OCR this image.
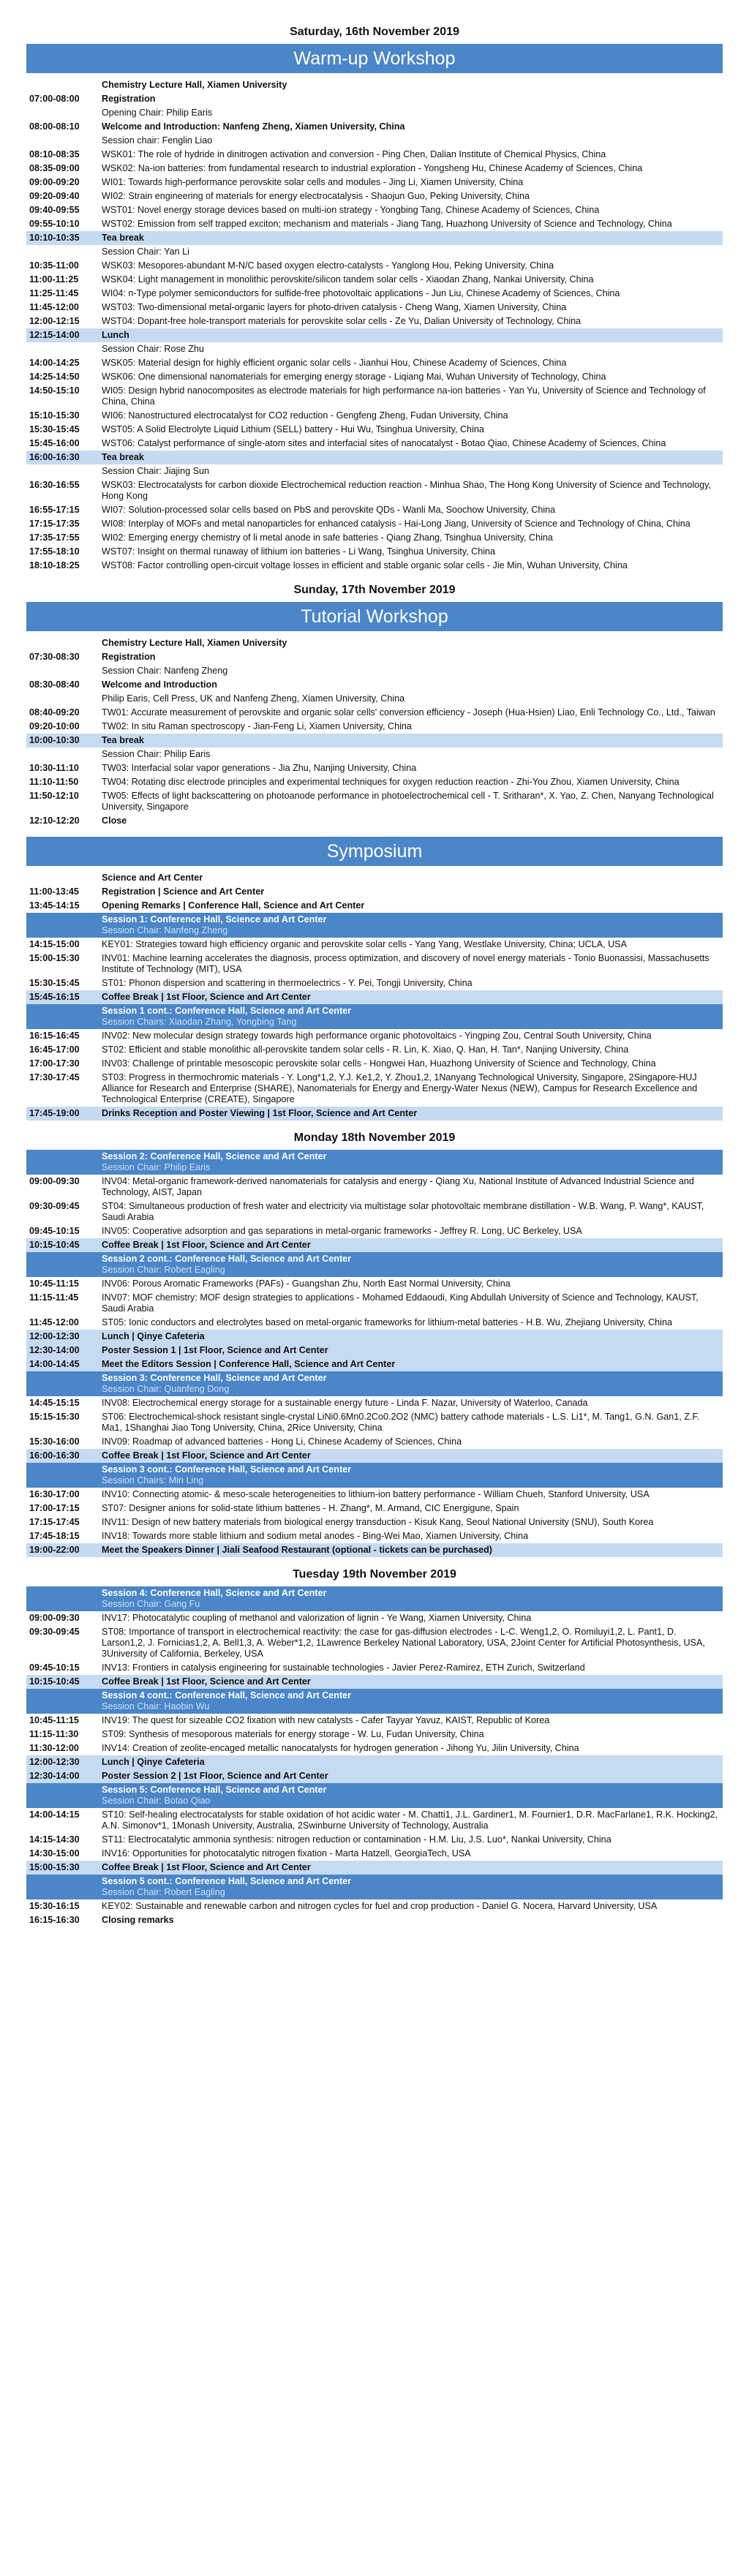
Saturday, 16th November 2019
Warm-up Workshop
Chemistry Lecture Hall, Xiamen University
07:00-08:00	Registration
Opening Chair: Philip Earis
08:00-08:10	Welcome and Introduction: Nanfeng Zheng, Xiamen University, China
Session chair: Fenglin Liao
08:10-08:35	WSK01: The role of hydride in dinitrogen activation and conversion - Ping Chen, Dalian Institute of Chemical Physics, China
08:35-09:00	WSK02: Na-ion batteries: from fundamental research to industrial exploration - Yongsheng Hu, Chinese Academy of Sciences, China
09:00-09:20	WI01: Towards high-performance perovskite solar cells and modules - Jing Li, Xiamen University, China
09:20-09:40	WI02: Strain engineering of materials for energy electrocatalysis - Shaojun Guo, Peking University, China
09:40-09:55	WST01: Novel energy storage devices based on multi-ion strategy - Yongbing Tang, Chinese Academy of Sciences, China
09:55-10:10	WST02: Emission from self trapped exciton; mechanism and materials - Jiang Tang, Huazhong University of Science and Technology, China
10:10-10:35	Tea break
Session Chair: Yan Li
10:35-11:00	WSK03: Mesopores-abundant M-N/C based oxygen electro-catalysts - Yanglong Hou, Peking University, China
11:00-11:25	WSK04: Light management in monolithic perovskite/silicon tandem solar cells - Xiaodan Zhang, Nankai University, China
11:25-11:45	WI04: n-Type polymer semiconductors for sulfide-free photovoltaic applications - Jun Liu, Chinese Academy of Sciences, China
11:45-12:00	WST03: Two-dimensional metal-organic layers for photo-driven catalysis - Cheng Wang, Xiamen University, China
12:00-12:15	WST04: Dopant-free hole-transport materials for perovskite solar cells - Ze Yu, Dalian University of Technology, China
12:15-14:00	Lunch
Session Chair: Rose Zhu
14:00-14:25	WSK05: Material design for highly efficient organic solar cells - Jianhui Hou, Chinese Academy of Sciences, China
14:25-14:50	WSK06: One dimensional nanomaterials for emerging energy storage - Liqiang Mai, Wuhan University of Technology, China
14:50-15:10	WI05: Design hybrid nanocomposites as electrode materials for high performance na-ion batteries - Yan Yu, University of Science and Technology of China, China
15:10-15:30	WI06: Nanostructured electrocatalyst for CO2 reduction - Gengfeng Zheng, Fudan University, China
15:30-15:45	WST05: A Solid Electrolyte Liquid Lithium (SELL) battery - Hui Wu, Tsinghua University, China
15:45-16:00	WST06: Catalyst performance of single-atom sites and interfacial sites of nanocatalyst - Botao Qiao, Chinese Academy of Sciences, China
16:00-16:30	Tea break
Session Chair: Jiajing Sun
16:30-16:55	WSK03: Electrocatalysts for carbon dioxide Electrochemical reduction reaction - Minhua Shao, The Hong Kong University of Science and Technology, Hong Kong
16:55-17:15	WI07: Solution-processed solar cells based on PbS and perovskite QDs - Wanli Ma, Soochow University, China
17:15-17:35	WI08: Interplay of MOFs and metal nanoparticles for enhanced catalysis - Hai-Long Jiang, University of Science and Technology of China, China
17:35-17:55	WI02: Emerging energy chemistry of li metal anode in safe batteries - Qiang Zhang, Tsinghua University, China
17:55-18:10	WST07: Insight on thermal runaway of lithium ion batteries - Li Wang, Tsinghua University, China
18:10-18:25	WST08: Factor controlling open-circuit voltage losses in efficient and stable organic solar cells - Jie Min, Wuhan University, China
Sunday, 17th November 2019
Tutorial Workshop
Chemistry Lecture Hall, Xiamen University
07:30-08:30	Registration
Session Chair: Nanfeng Zheng
08:30-08:40	Welcome and Introduction
Philip Earis, Cell Press, UK and Nanfeng Zheng, Xiamen University, China
08:40-09:20	TW01: Accurate measurement of perovskite and organic solar cells' conversion efficiency - Joseph (Hua-Hsien) Liao, Enli Technology Co., Ltd., Taiwan
09:20-10:00	TW02: In situ Raman spectroscopy - Jian-Feng Li, Xiamen University, China
10:00-10:30	Tea break
Session Chair: Philip Earis
10:30-11:10	TW03: Interfacial solar vapor generations - Jia Zhu, Nanjing University, China
11:10-11:50	TW04: Rotating disc electrode principles and experimental techniques for oxygen reduction reaction - Zhi-You Zhou, Xiamen University, China
11:50-12:10	TW05: Effects of light backscattering on photoanode performance in photoelectrochemical cell - T. Sritharan*, X. Yao, Z. Chen, Nanyang Technological University, Singapore
12:10-12:20	Close
Symposium
Science and Art Center
11:00-13:45	Registration | Science and Art Center
13:45-14:15	Opening Remarks | Conference Hall, Science and Art Center
Session 1: Conference Hall, Science and Art Center
Session Chair: Nanfeng Zheng
14:15-15:00	KEY01: Strategies toward high efficiency organic and perovskite solar cells - Yang Yang, Westlake University, China; UCLA, USA
15:00-15:30	INV01: Machine learning accelerates the diagnosis, process optimization, and discovery of novel energy materials - Tonio Buonassisi, Massachusetts Institute of Technology (MIT), USA
15:30-15:45	ST01: Phonon dispersion and scattering in thermoelectrics - Y. Pei, Tongji University, China
15:45-16:15	Coffee Break | 1st Floor, Science and Art Center
Session 1 cont.: Conference Hall, Science and Art Center
Session Chairs: Xiaodan Zhang, Yongbing Tang
16:15-16:45	INV02: New molecular design strategy towards high performance organic photovoltaics - Yingping Zou, Central South University, China
16:45-17:00	ST02: Efficient and stable monolithic all-perovskite tandem solar cells - R. Lin, K. Xiao, Q. Han, H. Tan*, Nanjing University, China
17:00-17:30	INV03: Challenge of printable mesoscopic perovskite solar cells - Hongwei Han, Huazhong University of Science and Technology, China
17:30-17:45	ST03: Progress in thermochromic materials - Y. Long*1,2, Y.J. Ke1,2, Y. Zhou1,2, 1Nanyang Technological University, Singapore, 2Singapore-HUJ Alliance for Research and Enterprise (SHARE), Nanomaterials for Energy and Energy-Water Nexus (NEW), Campus for Research Excellence and Technological Enterprise (CREATE), Singapore
17:45-19:00	Drinks Reception and Poster Viewing | 1st Floor, Science and Art Center
Monday 18th November 2019
Session 2: Conference Hall, Science and Art Center
Session Chair: Philip Earis
09:00-09:30	INV04: Metal-organic framework-derived nanomaterials for catalysis and energy - Qiang Xu, National Institute of Advanced Industrial Science and Technology, AIST, Japan
09:30-09:45	ST04: Simultaneous production of fresh water and electricity via multistage solar photovoltaic membrane distillation - W.B. Wang, P. Wang*, KAUST, Saudi Arabia
09:45-10:15	INV05: Cooperative adsorption and gas separations in metal-organic frameworks - Jeffrey R. Long, UC Berkeley, USA
10:15-10:45	Coffee Break | 1st Floor, Science and Art Center
Session 2 cont.: Conference Hall, Science and Art Center
Session Chair: Robert Eagling
10:45-11:15	INV06: Porous Aromatic Frameworks (PAFs) - Guangshan Zhu, North East Normal University, China
11:15-11:45	INV07: MOF chemistry: MOF design strategies to applications - Mohamed Eddaoudi, King Abdullah University of Science and Technology, KAUST, Saudi Arabia
11:45-12:00	ST05: Ionic conductors and electrolytes based on metal-organic frameworks for lithium-metal batteries - H.B. Wu, Zhejiang University, China
12:00-12:30	Lunch | Qinye Cafeteria
12:30-14:00	Poster Session 1 | 1st Floor, Science and Art Center
14:00-14:45	Meet the Editors Session | Conference Hall, Science and Art Center
Session 3: Conference Hall, Science and Art Center
Session Chair: Quanfeng Dong
14:45-15:15	INV08: Electrochemical energy storage for a sustainable energy future - Linda F. Nazar, University of Waterloo, Canada
15:15-15:30	ST06: Electrochemical-shock resistant single-crystal LiNi0.6Mn0.2Co0.2O2 (NMC) battery cathode materials - L.S. Li1*, M. Tang1, G.N. Gan1, Z.F. Ma1, 1Shanghai Jiao Tong University, China, 2Rice University, China
15:30-16:00	INV09: Roadmap of advanced batteries - Hong Li, Chinese Academy of Sciences, China
16:00-16:30	Coffee Break | 1st Floor, Science and Art Center
Session 3 cont.: Conference Hall, Science and Art Center
Session Chairs: Min Ling
16:30-17:00	INV10: Connecting atomic- & meso-scale heterogeneities to lithium-ion battery performance - William Chueh, Stanford University, USA
17:00-17:15	ST07: Designer anions for solid-state lithium batteries - H. Zhang*, M. Armand, CIC Energigune, Spain
17:15-17:45	INV11: Design of new battery materials from biological energy transduction - Kisuk Kang, Seoul National University (SNU), South Korea
17:45-18:15	INV18: Towards more stable lithium and sodium metal anodes - Bing-Wei Mao, Xiamen University, China
19:00-22:00	Meet the Speakers Dinner | Jiali Seafood Restaurant (optional - tickets can be purchased)
Tuesday 19th November 2019
Session 4: Conference Hall, Science and Art Center
Session Chair: Gang Fu
09:00-09:30	INV17: Photocatalytic coupling of methanol and valorization of lignin - Ye Wang, Xiamen University, China
09:30-09:45	ST08: Importance of transport in electrochemical reactivity: the case for gas-diffusion electrodes - L-C. Weng1,2, O. Romiluyi1,2, L. Pant1, D. Larson1,2, J. Fornicias1,2, A. Bell1,3, A. Weber*1,2, 1Lawrence Berkeley National Laboratory, USA, 2Joint Center for Artificial Photosynthesis, USA, 3University of California, Berkeley, USA
09:45-10:15	INV13: Frontiers in catalysis engineering for sustainable technologies - Javier Perez-Ramirez, ETH Zurich, Switzerland
10:15-10:45	Coffee Break | 1st Floor, Science and Art Center
Session 4 cont.: Conference Hall, Science and Art Center
Session Chair: Haobin Wu
10:45-11:15	INV19: The quest for sizeable CO2 fixation with new catalysts - Cafer Tayyar Yavuz, KAIST, Republic of Korea
11:15-11:30	ST09: Synthesis of mesoporous materials for energy storage - W. Lu, Fudan University, China
11:30-12:00	INV14: Creation of zeolite-encaged metallic nanocatalysts for hydrogen generation - Jihong Yu, Jilin University, China
12:00-12:30	Lunch | Qinye Cafeteria
12:30-14:00	Poster Session 2 | 1st Floor, Science and Art Center
Session 5: Conference Hall, Science and Art Center
Session Chair: Botao Qiao
14:00-14:15	ST10: Self-healing electrocatalysts for stable oxidation of hot acidic water - M. Chatti1, J.L. Gardiner1, M. Fournier1, D.R. MacFarlane1, R.K. Hocking2, A.N. Simonov*1, 1Monash University, Australia, 2Swinburne University of Technology, Australia
14:15-14:30	ST11: Electrocatalytic ammonia synthesis: nitrogen reduction or contamination - H.M. Liu, J.S. Luo*, Nankai University, China
14:30-15:00	INV16: Opportunities for photocatalytic nitrogen fixation - Marta Hatzell, GeorgiaTech, USA
15:00-15:30	Coffee Break | 1st Floor, Science and Art Center
Session 5 cont.: Conference Hall, Science and Art Center
Session Chair: Robert Eagling
15:30-16:15	KEY02: Sustainable and renewable carbon and nitrogen cycles for fuel and crop production - Daniel G. Nocera, Harvard University, USA
16:15-16:30	Closing remarks
